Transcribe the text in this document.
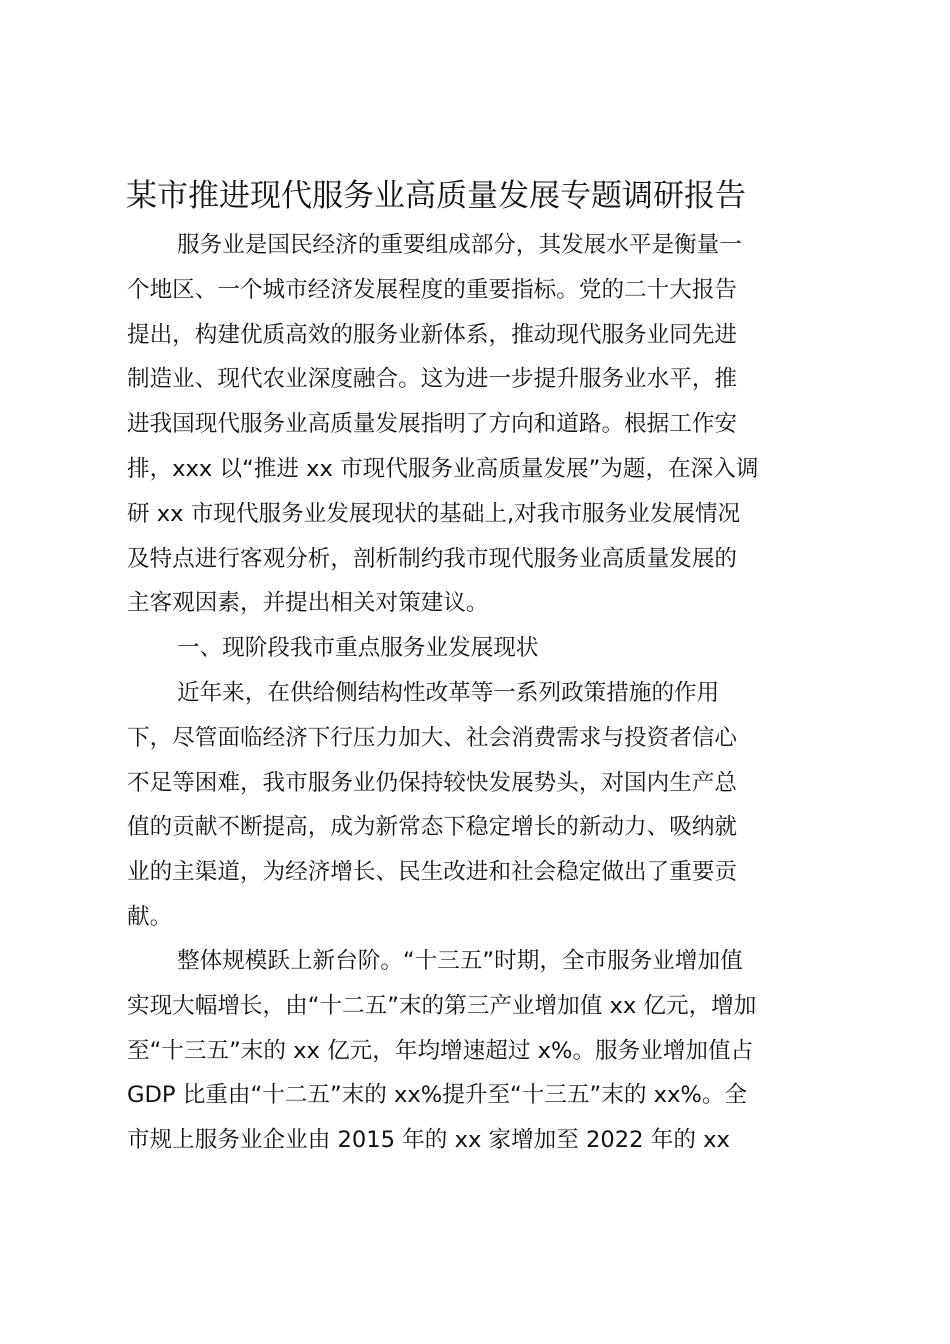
某市推进现代服务业高质量发展专题调研报告
服务业是国民经济的重要组成部分，其发展水平是衡量一
个地区、一个城市经济发展程度的重要指标。党的二十大报告
提出，构建优质高效的服务业新体系，推动现代服务业同先进
制造业、现代农业深度融合。这为进一步提升服务业水平，推
进我国现代服务业高质量发展指明了方向和道路。根据工作安
排，xxx 以“推进 xx 市现代服务业高质量发展”为题，在深入调
研 xx 市现代服务业发展现状的基础上,对我市服务业发展情况
及特点进行客观分析，剖析制约我市现代服务业高质量发展的
主客观因素，并提出相关对策建议。
一、现阶段我市重点服务业发展现状
近年来，在供给侧结构性改革等一系列政策措施的作用
下，尽管面临经济下行压力加大、社会消费需求与投资者信心
不足等困难，我市服务业仍保持较快发展势头，对国内生产总
值的贡献不断提高，成为新常态下稳定增长的新动力、吸纳就
业的主渠道，为经济增长、民生改进和社会稳定做出了重要贡
献。
整体规模跃上新台阶。“十三五”时期，全市服务业增加值
实现大幅增长，由“十二五”末的第三产业增加值 xx 亿元，增加
至“十三五”末的 xx 亿元，年均增速超过 x%。服务业增加值占
GDP 比重由“十二五”末的 xx%提升至“十三五”末的 xx%。全
市规上服务业企业由 2015 年的 xx 家增加至 2022 年的 xx
